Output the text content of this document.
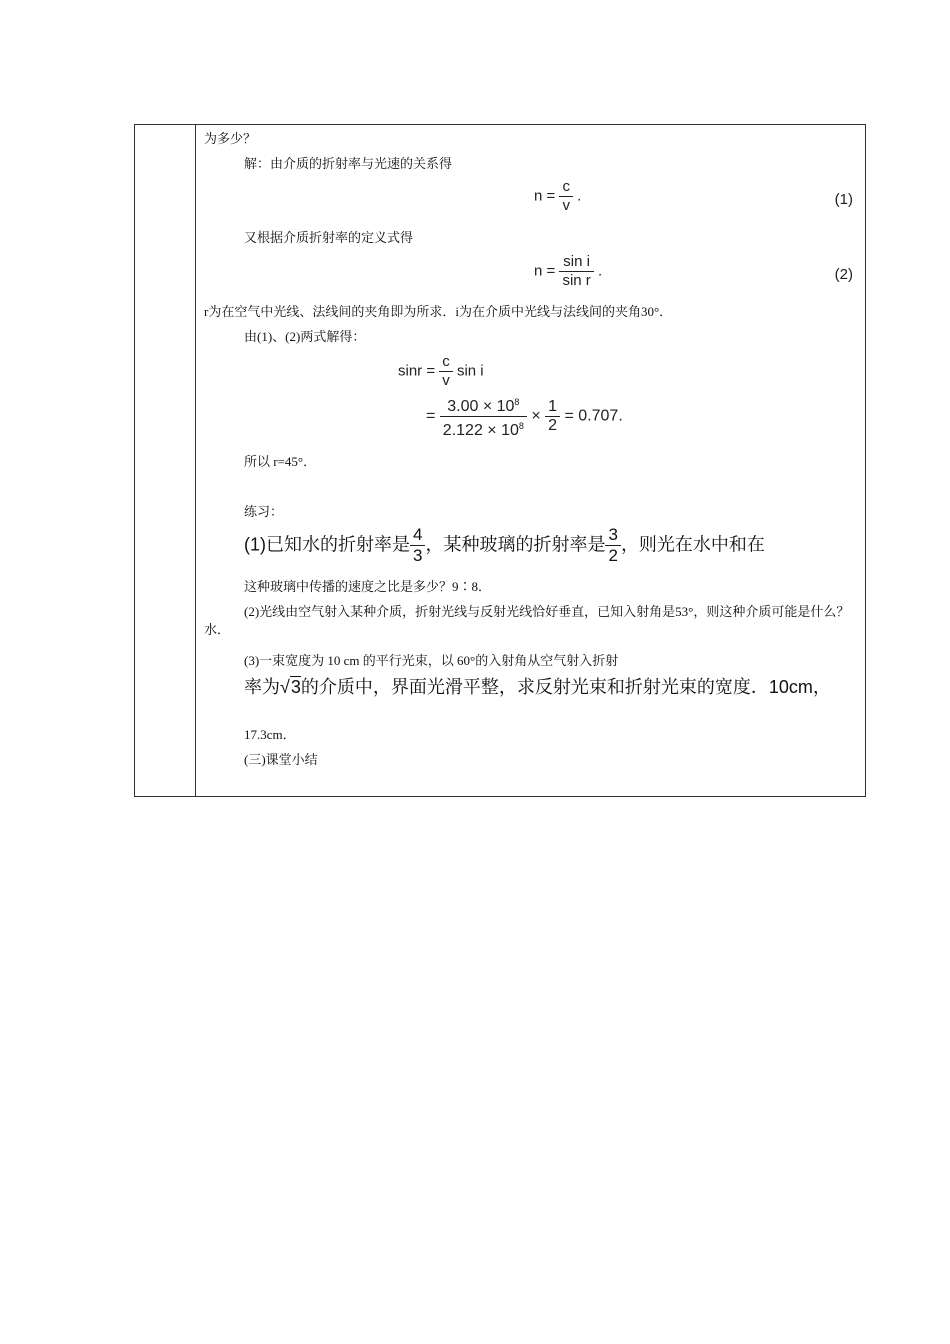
为多少？
解：由介质的折射率与光速的关系得
$n = \frac{c}{v}$ .	(1)
又根据介质折射率的定义式得
$n = \frac{\text{sin i}}{\text{sin r}}$ .	(2)
r为在空气中光线、法线间的夹角即为所求．i为在介质中光线与法线间的夹角30°．
由(1)、(2)两式解得：
$\sin r = \frac{c}{v}$ sin i
= $\frac{3.00 \times 10^8}{2.122 \times 10^8} \times \frac{1}{2} = 0.707$.
所以 r=45°．
练习：
(1)已知水的折射率是 $\frac{4}{3}$ ，某种玻璃的折射率是 $\frac{3}{2}$ ，则光在水中和在
这种玻璃中传播的速度之比是多少？9∶8．
(2)光线由空气射入某种介质，折射光线与反射光线恰好垂直，已知入射角是53°，则这种介质可能是什么？水．
(3)一束宽度为 10 cm 的平行光束，以 60°的入射角从空气射入折射
率为√3的介质中，界面光滑平整，求反射光束和折射光束的宽度．10cm，
17.3cm．
(三)课堂小结
